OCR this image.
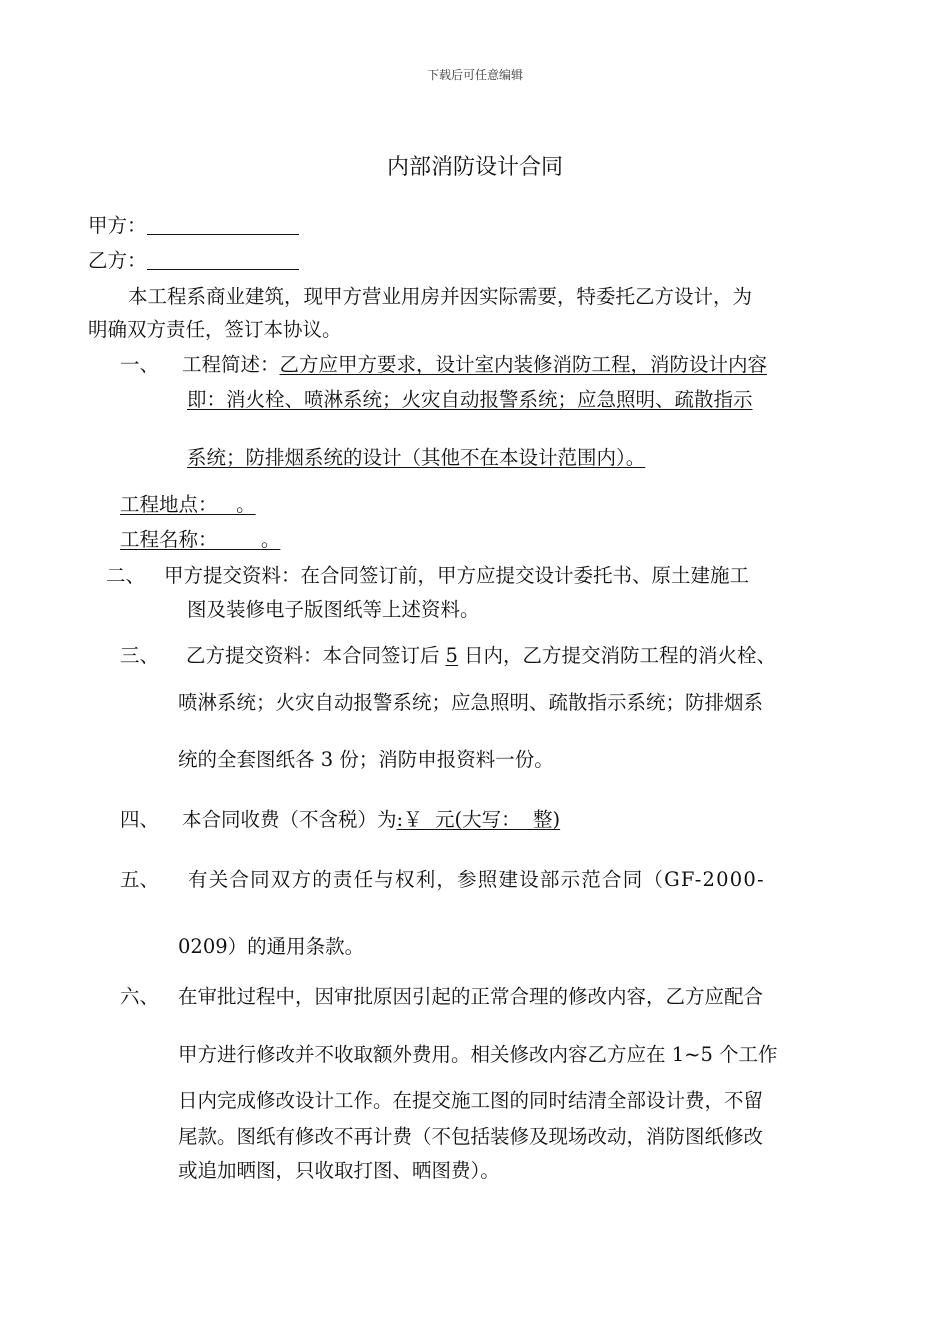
下载后可任意编辑
内部消防设计合同
甲方：
乙方：
本工程系商业建筑，现甲方营业用房并因实际需要，特委托乙方设计，为
明确双方责任，签订本协议。
一、 工程简述：乙方应甲方要求，设计室内装修消防工程，消防设计内容
即：消火栓、喷淋系统；火灾自动报警系统；应急照明、疏散指示
系统；防排烟系统的设计（其他不在本设计范围内）。
工程地点：   。
工程名称：       。
二、 甲方提交资料：在合同签订前，甲方应提交设计委托书、原土建施工
图及装修电子版图纸等上述资料。
三、 乙方提交资料：本合同签订后 5 日内，乙方提交消防工程的消火栓、
喷淋系统；火灾自动报警系统；应急照明、疏散指示系统；防排烟系
统的全套图纸各 3 份；消防申报资料一份。
四、 本合同收费（不含税）为:￥  元(大写：  整)
五、 有关合同双方的责任与权利，参照建设部示范合同（GF-2000-
0209）的通用条款。
六、 在审批过程中，因审批原因引起的正常合理的修改内容，乙方应配合
甲方进行修改并不收取额外费用。相关修改内容乙方应在 1~5 个工作
日内完成修改设计工作。在提交施工图的同时结清全部设计费，不留
尾款。图纸有修改不再计费（不包括装修及现场改动，消防图纸修改
或追加晒图，只收取打图、晒图费）。
